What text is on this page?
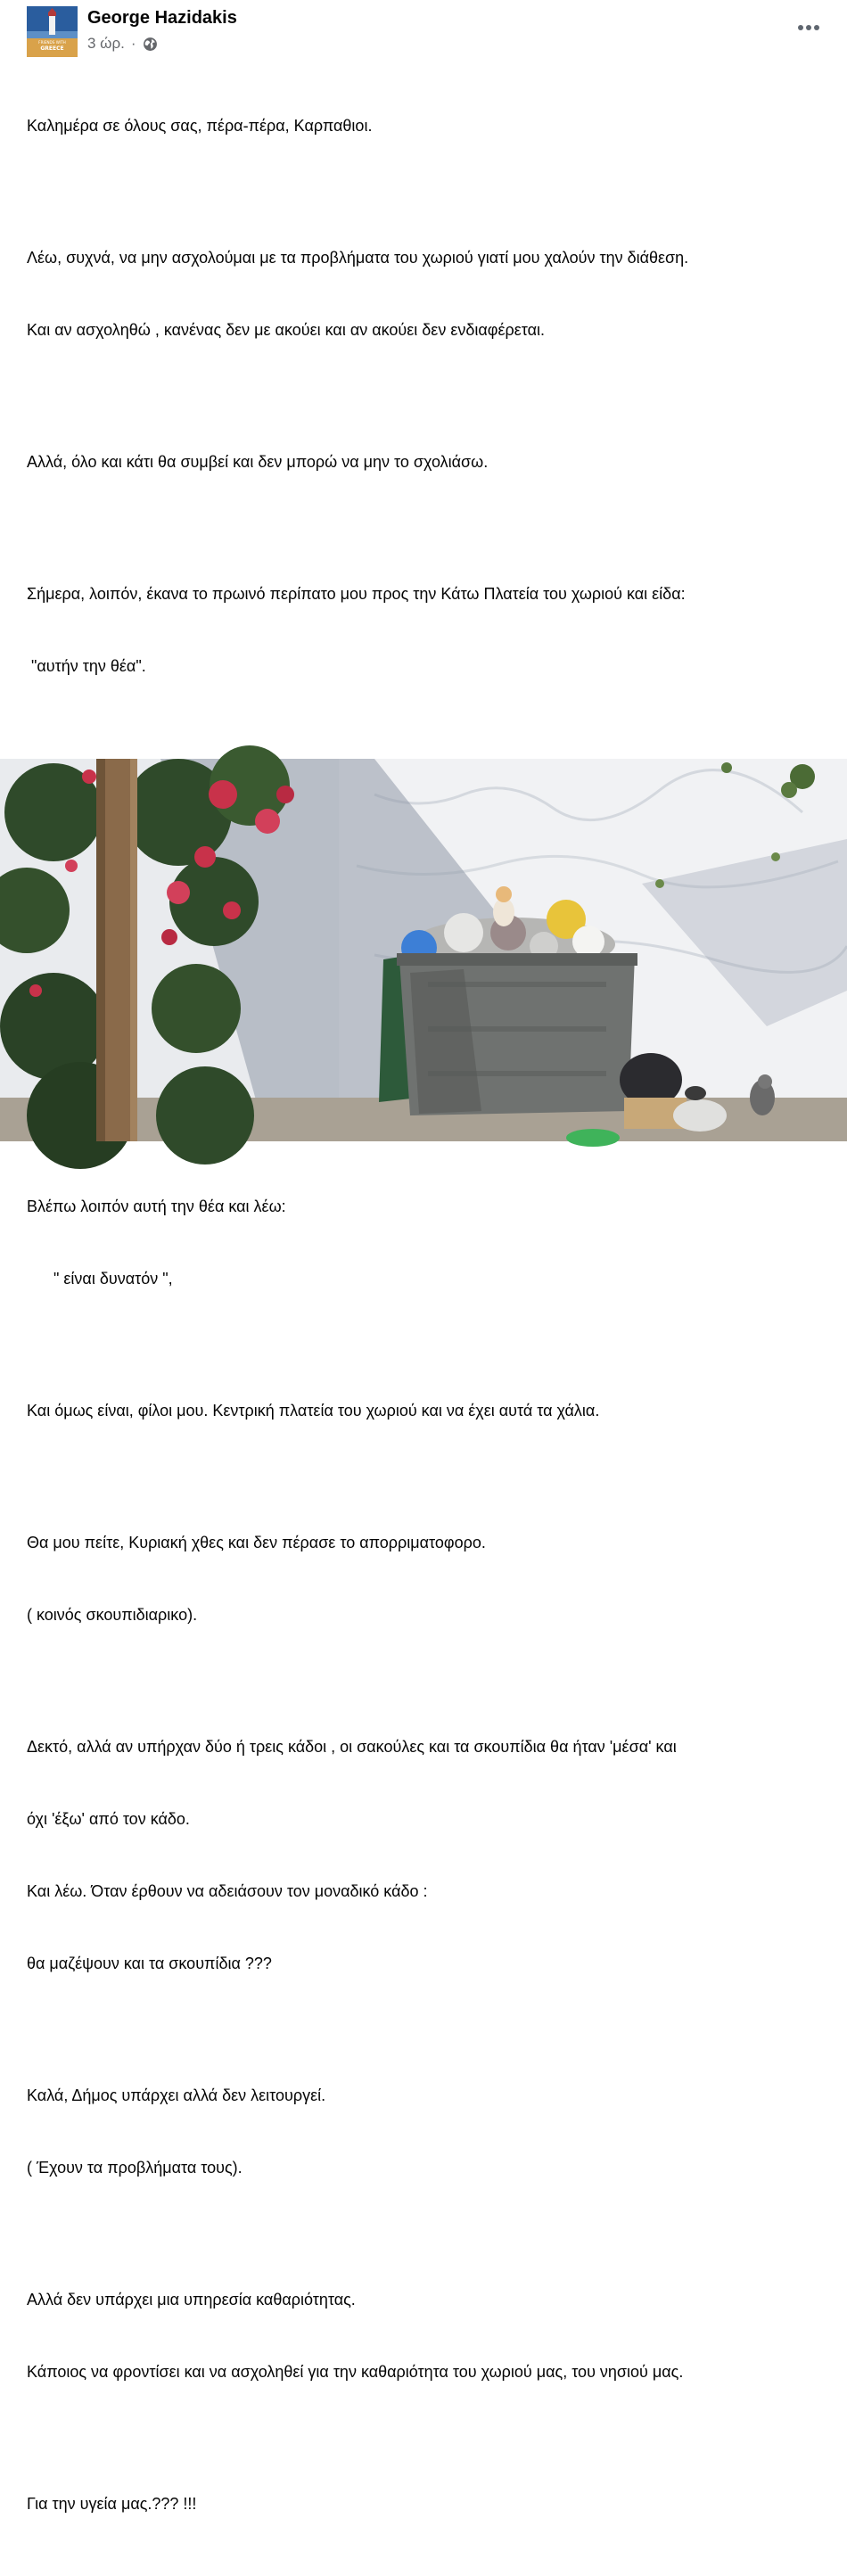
FRIENDS WITH
GREECE
George Hazidakis
3 ώρ. ·

Καλημέρα σε όλους σας, πέρα-πέρα, Καρπαθιοι.

Λέω, συχνά, να μην ασχολούμαι με τα προβλήματα του χωριού γιατί μου χαλούν την διάθεση.

Και αν ασχοληθώ , κανένας δεν με ακούει και αν ακούει δεν ενδιαφέρεται.

Αλλά, όλο και κάτι θα συμβεί και δεν μπορώ να μην το σχολιάσω.

Σήμερα, λοιπόν, έκανα το πρωινό περίπατο μου προς την Κάτω Πλατεία του χωριού και είδα:

"αυτήν την θέα".

Βλέπω λοιπόν αυτή την θέα και λέω:

" είναι δυνατόν ",

Και όμως είναι, φίλοι μου. Κεντρική πλατεία του χωριού και να έχει αυτά τα χάλια.

Θα μου πείτε, Κυριακή χθες και δεν πέρασε το απορριματοφορο.

( κοινός σκουπιδιαρικο).

Δεκτό, αλλά αν υπήρχαν δύο ή τρεις κάδοι , οι σακούλες και τα σκουπίδια θα ήταν 'μέσα' και

όχι 'έξω' από τον κάδο.

Και λέω. Όταν έρθουν να αδειάσουν τον μοναδικό κάδο :

θα μαζέψουν και τα σκουπίδια ???

Καλά, Δήμος υπάρχει αλλά δεν λειτουργεί.

( Έχουν τα προβλήματα τους).

Αλλά δεν υπάρχει μια υπηρεσία καθαριότητας.

Κάποιος να φροντίσει και να ασχοληθεί για την καθαριότητα του χωριού μας, του νησιού μας.

Για την υγεία μας.??? !!!
